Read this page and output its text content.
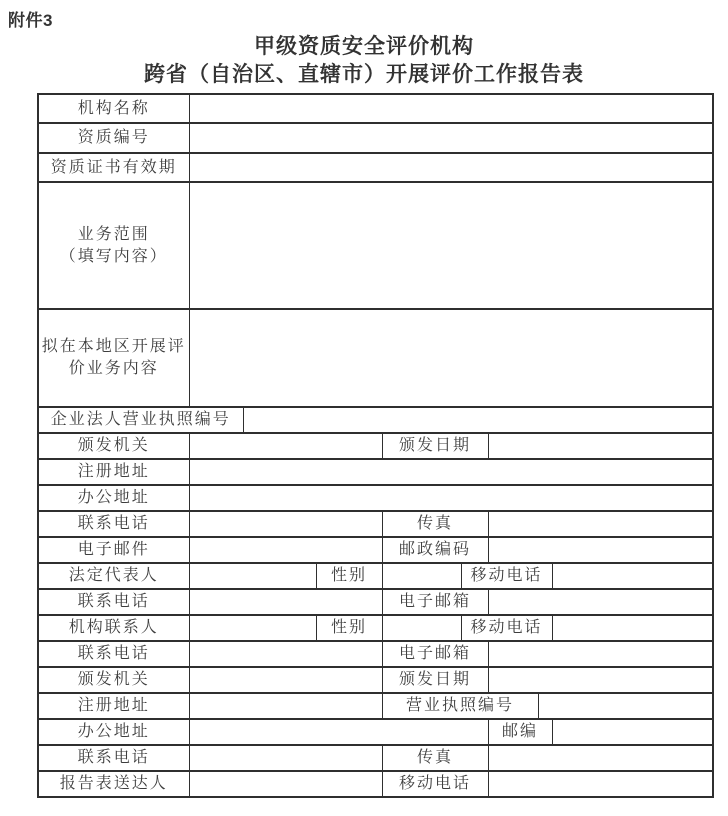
附件3
甲级资质安全评价机构
跨省（自治区、直辖市）开展评价工作报告表
机构名称								
资质编号								
资质证书有效期								

业务范围
（填写内容）								

拟在本地区开展评
价业务内容								

企业法人营业执照编号								
颁发机关				颁发日期				
注册地址								
办公地址								
联系电话				传真				
电子邮件				邮政编码				
法定代表人			性别		移动电话			
联系电话				电子邮箱				
机构联系人			性别		移动电话			
联系电话				电子邮箱				
颁发机关				颁发日期				
注册地址				营业执照编号				
办公地址						邮编		
联系电话				传真				
报告表送达人				移动电话				
